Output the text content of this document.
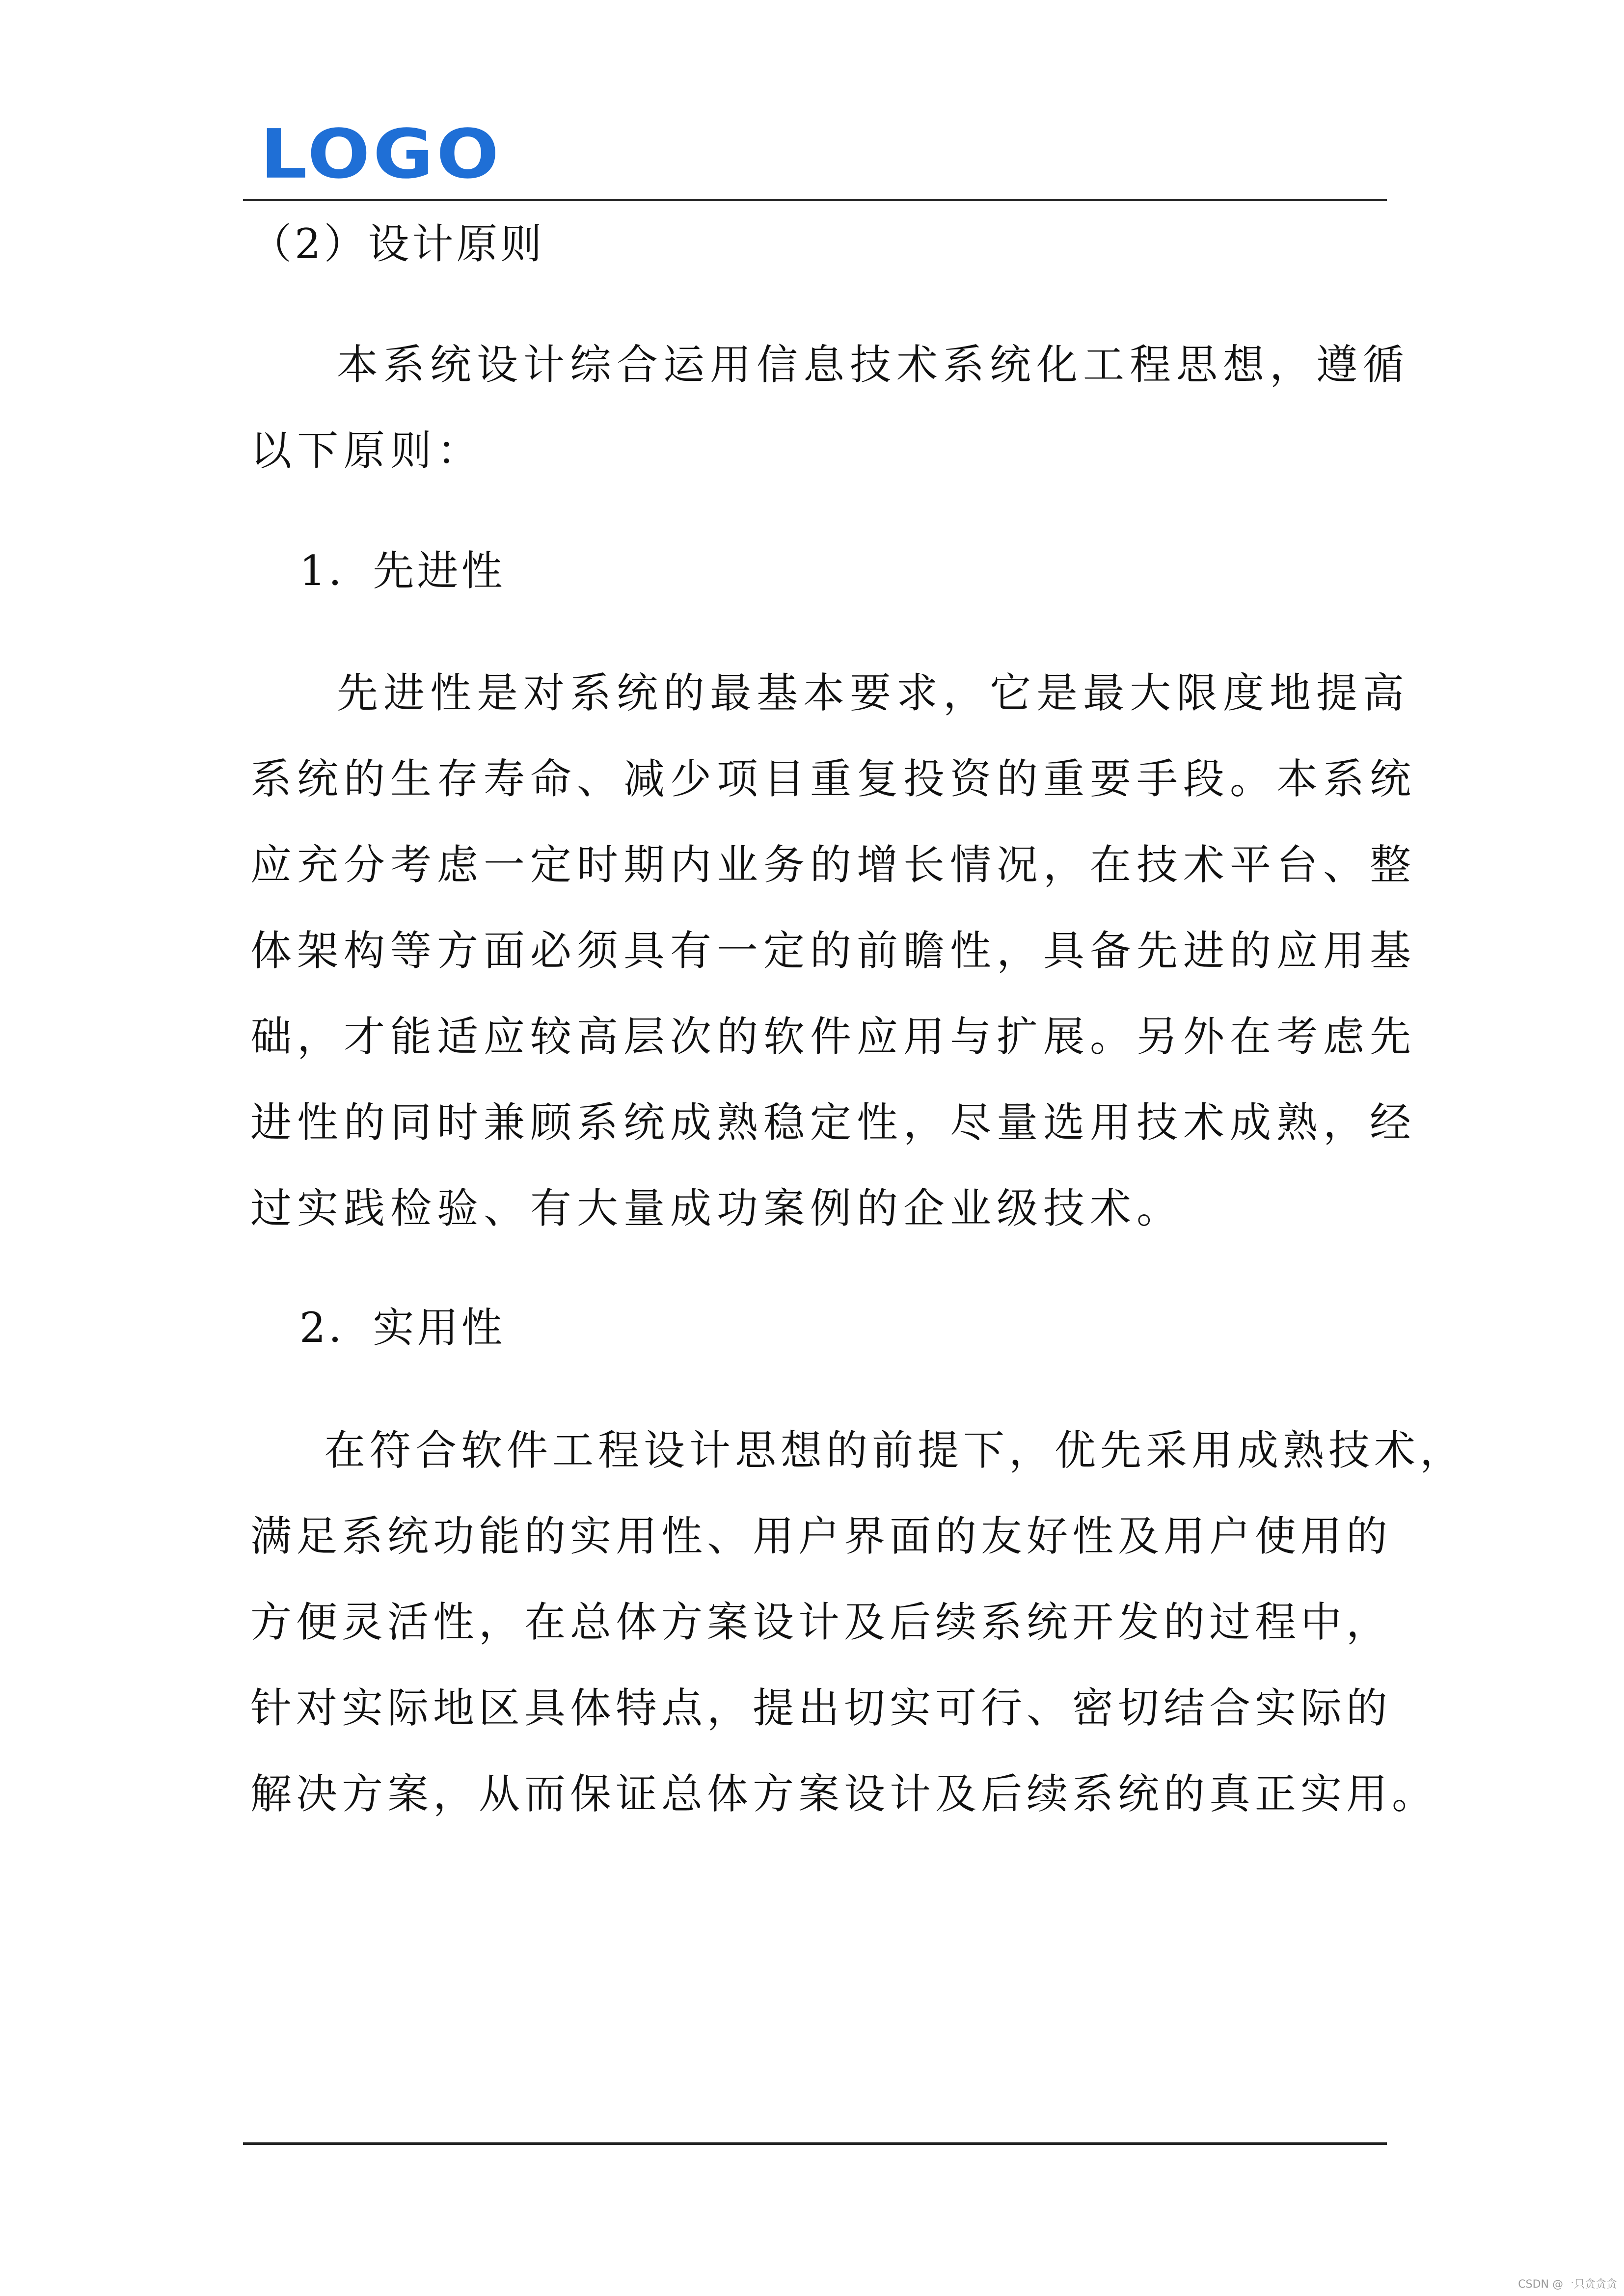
LOGO
（2）设计原则
本系统设计综合运用信息技术系统化工程思想，遵循
以下原则：
1．先进性
先进性是对系统的最基本要求，它是最大限度地提高
系统的生存寿命、减少项目重复投资的重要手段。本系统
应充分考虑一定时期内业务的增长情况，在技术平台、整
体架构等方面必须具有一定的前瞻性，具备先进的应用基
础，才能适应较高层次的软件应用与扩展。另外在考虑先
进性的同时兼顾系统成熟稳定性，尽量选用技术成熟，经
过实践检验、有大量成功案例的企业级技术。
2．实用性
在符合软件工程设计思想的前提下，优先采用成熟技术，
满足系统功能的实用性、用户界面的友好性及用户使用的
方便灵活性，在总体方案设计及后续系统开发的过程中，
针对实际地区具体特点，提出切实可行、密切结合实际的
解决方案，从而保证总体方案设计及后续系统的真正实用。
CSDN @一只贪贪贪
